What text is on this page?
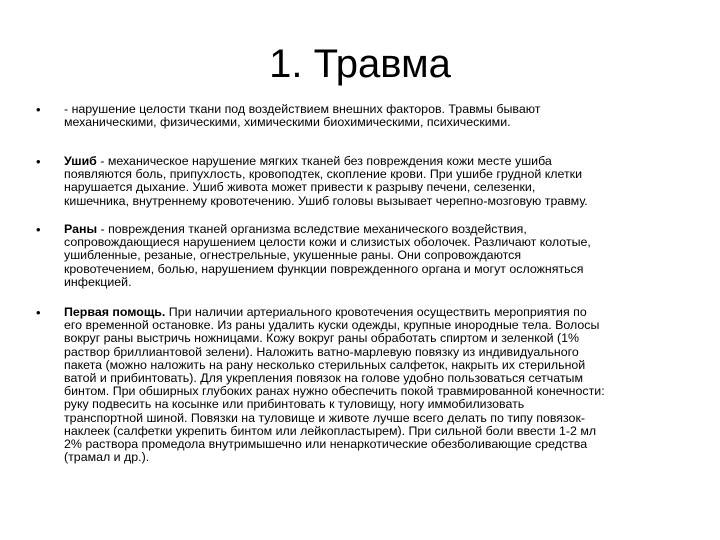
1. Травма
• - нарушение целости ткани под воздействием внешних факторов. Травмы бывают
механическими, физическими, химическими биохимическими, психическими.
• Ушиб - механическое нарушение мягких тканей без повреждения кожи месте ушиба
появляются боль, припухлость, кровоподтек, скопление крови. При ушибе грудной клетки
нарушается дыхание. Ушиб живота может привести к разрыву печени, селезенки,
кишечника, внутреннему кровотечению. Ушиб головы вызывает черепно-мозговую травму.
• Раны - повреждения тканей организма вследствие механического воздействия,
сопровождающиеся нарушением целости кожи и слизистых оболочек. Различают колотые,
ушибленные, резаные, огнестрельные, укушенные раны. Они сопровождаются
кровотечением, болью, нарушением функции поврежденного органа и могут осложняться
инфекцией.
• Первая помощь. При наличии артериального кровотечения осуществить мероприятия по
его временной остановке. Из раны удалить куски одежды, крупные инородные тела. Волосы
вокруг раны выстричь ножницами. Кожу вокруг раны обработать спиртом и зеленкой (1%
раствор бриллиантовой зелени). Наложить ватно-марлевую повязку из индивидуального
пакета (можно наложить на рану несколько стерильных салфеток, накрыть их стерильной
ватой и прибинтовать). Для укрепления повязок на голове удобно пользоваться сетчатым
бинтом. При обширных глубоких ранах нужно обеспечить покой травмированной конечности:
руку подвесить на косынке или прибинтовать к туловищу, ногу иммобилизовать
транспортной шиной. Повязки на туловище и животе лучше всего делать по типу повязок-
наклеек (салфетки укрепить бинтом или лейкопластырем). При сильной боли ввести 1-2 мл
2% раствора промедола внутримышечно или ненаркотические обезболивающие средства
(трамал и др.).
